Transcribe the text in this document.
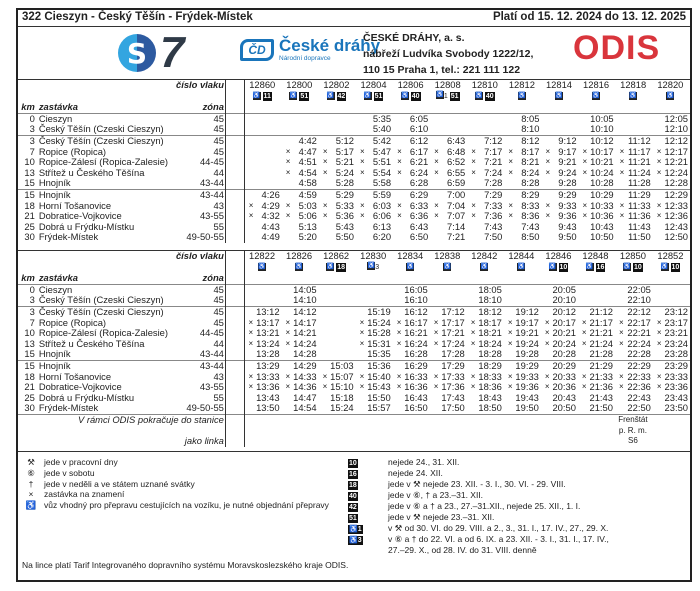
322 Cieszyn - Český Těšín - Frýdek-Místek	Platí od 15. 12. 2024 do 13. 12. 2025
S 7	ČD České dráhy
Národní dopravce
ČESKÉ DRÁHY, a. s.
nábřeží Ludvíka Svobody 1222/12,
110 15 Praha 1, tel.: 221 111 122
ODIS
		číslo vlaku		12860	12800	12802	12804	12806	12808	12810	12812	12814	12816	12818	12820
				♿ 11	♿ 51	♿ 42	♿ 51	♿ 40	♿1 51	♿ 40	♿	♿	♿	♿	♿
km	zastávka	zóna													
0	Cieszyn	45					5:35	6:05			8:05		10:05		12:05
3	Český Těšín (Czeski Cieszyn)	45					5:40	6:10			8:10		10:10		12:10
3	Český Těšín (Czeski Cieszyn)	45			4:42	5:12	5:42	6:12	6:43	7:12	8:12	9:12	10:12	11:12	12:12
7	Ropice (Ropica)	45			× 4:47	× 5:17	× 5:47	× 6:17	× 6:48	× 7:17	× 8:17	× 9:17	× 10:17	× 11:17	× 12:17
10	Ropice-Zálesí (Ropica-Zalesie)	44-45			× 4:51	× 5:21	× 5:51	× 6:21	× 6:52	× 7:21	× 8:21	× 9:21	× 10:21	× 11:21	× 12:21
13	Střítež u Českého Těšína	44			× 4:54	× 5:24	× 5:54	× 6:24	× 6:55	× 7:24	× 8:24	× 9:24	× 10:24	× 11:24	× 12:24
15	Hnojník	43-44			4:58	5:28	5:58	6:28	6:59	7:28	8:28	9:28	10:28	11:28	12:28
15	Hnojník	43-44		4:26	4:59	5:29	5:59	6:29	7:00	7:29	8:29	9:29	10:29	11:29	12:29
18	Horní Tošanovice	43		× 4:29	× 5:03	× 5:33	× 6:03	× 6:33	× 7:04	× 7:33	× 8:33	× 9:33	× 10:33	× 11:33	× 12:33
21	Dobratice-Vojkovice	43-55		× 4:32	× 5:06	× 5:36	× 6:06	× 6:36	× 7:07	× 7:36	× 8:36	× 9:36	× 10:36	× 11:36	× 12:36
25	Dobrá u Frýdku-Místku	55		4:43	5:13	5:43	6:13	6:43	7:14	7:43	7:43	9:43	10:43	11:43	12:43
30	Frýdek-Místek	49-50-55		4:49	5:20	5:50	6:20	6:50	7:21	7:50	8:50	9:50	10:50	11:50	12:50
		číslo vlaku		12822	12826	12862	12830	12834	12838	12842	12844	12846	12848	12850	12852
				♿	♿	♿ 18	♿3	♿	♿	♿	♿	♿ 10	♿ 16	♿ 10	♿ 10
km	zastávka	zóna													
0	Cieszyn	45			14:05			16:05		18:05		20:05		22:05	
3	Český Těšín (Czeski Cieszyn)	45			14:10			16:10		18:10		20:10		22:10	
3	Český Těšín (Czeski Cieszyn)	45		13:12	14:12		15:19	16:12	17:12	18:12	19:12	20:12	21:12	22:12	23:12
7	Ropice (Ropica)	45		× 13:17	× 14:17		× 15:24	× 16:17	× 17:17	× 18:17	× 19:17	× 20:17	× 21:17	× 22:17	× 23:17
10	Ropice-Zálesí (Ropica-Zalesie)	44-45		× 13:21	× 14:21		× 15:28	× 16:21	× 17:21	× 18:21	× 19:21	× 20:21	× 21:21	× 22:21	× 23:21
13	Střítež u Českého Těšína	44		× 13:24	× 14:24		× 15:31	× 16:24	× 17:24	× 18:24	× 19:24	× 20:24	× 21:24	× 22:24	× 23:24
15	Hnojník	43-44		13:28	14:28		15:35	16:28	17:28	18:28	19:28	20:28	21:28	22:28	23:28
15	Hnojník	43-44		13:29	14:29	15:03	15:36	16:29	17:29	18:29	19:29	20:29	21:29	22:29	23:29
18	Horní Tošanovice	43		× 13:33	× 14:33	× 15:07	× 15:40	× 16:33	× 17:33	× 18:33	× 19:33	× 20:33	× 21:33	× 22:33	× 23:33
21	Dobratice-Vojkovice	43-55		× 13:36	× 14:36	× 15:10	× 15:43	× 16:36	× 17:36	× 18:36	× 19:36	× 20:36	× 21:36	× 22:36	× 23:36
25	Dobrá u Frýdku-Místku	55		13:43	14:47	15:18	15:50	16:43	17:43	18:43	19:43	20:43	21:43	22:43	23:43
30	Frýdek-Místek	49-50-55		13:50	14:54	15:24	15:57	16:50	17:50	18:50	19:50	20:50	21:50	22:50	23:50
	V rámci ODIS pokračuje do stanice													Frenštát	
														p. R. m.	
	jako linka													S6	
⚒	jede v pracovní dny
⑥	jede v sobotu
†	jede v neděli a ve státem uznané svátky
×	zastávka na znamení
♿ vůz vhodný pro přepravu cestujících na vozíku, je nutné objednání přepravy
10	nejede 24., 31. XII.
16	nejede 24. XII.
18	jede v ⚒ nejede 23. XII. - 3. I., 30. VI. - 29. VIII.
40	jede v ⑥, † a 23.–31. XII.
42	jede v ⑥ a † a 23., 27.–31.XII., nejede 25. XII., 1. I.
51	jede v ⚒ nejede 23.–31. XII.
♿1	v ⚒ od 30. VI. do 29. VIII. a 2., 3., 31. I., 17. IV., 27., 29. X.
♿3	v ⑥ a † do 22. VI. a od 6. IX. a 23. XII. - 3. I., 31. I., 17. IV.,
27.–29. X., od 28. IV. do 31. VIII. denně
Na lince platí Tarif Integrovaného dopravního systému Moravskoslezského kraje ODIS.
